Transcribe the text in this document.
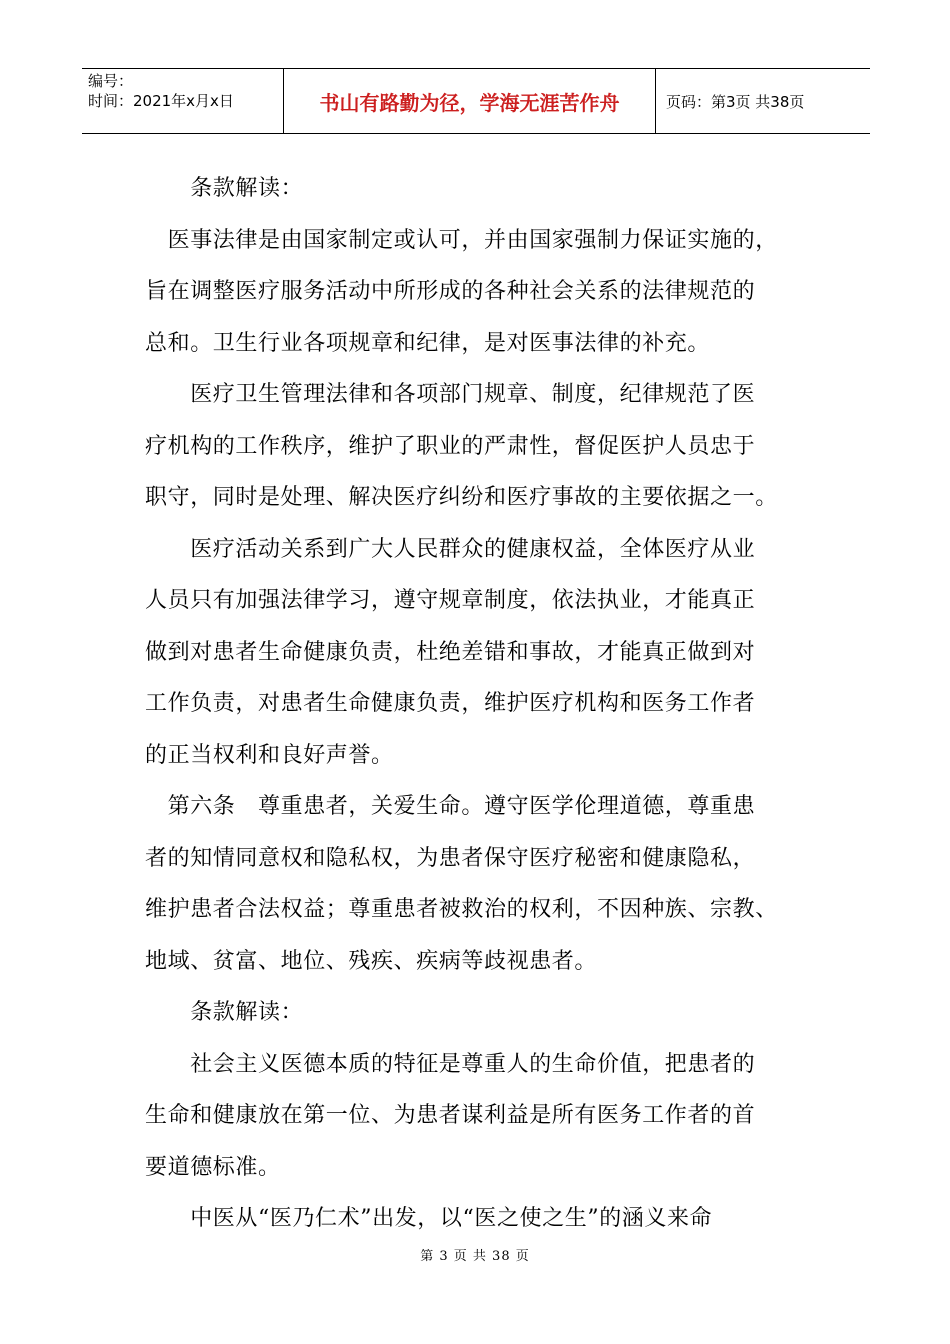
编号：
时间：2021年x月x日	书山有路勤为径，学海无涯苦作舟	页码：第3页 共38页

　　条款解读：

　医事法律是由国家制定或认可，并由国家强制力保证实施的，

旨在调整医疗服务活动中所形成的各种社会关系的法律规范的

总和。卫生行业各项规章和纪律，是对医事法律的补充。

　　医疗卫生管理法律和各项部门规章、制度，纪律规范了医

疗机构的工作秩序，维护了职业的严肃性，督促医护人员忠于

职守，同时是处理、解决医疗纠纷和医疗事故的主要依据之一。

　　医疗活动关系到广大人民群众的健康权益，全体医疗从业

人员只有加强法律学习，遵守规章制度，依法执业，才能真正

做到对患者生命健康负责，杜绝差错和事故，才能真正做到对

工作负责，对患者生命健康负责，维护医疗机构和医务工作者

的正当权利和良好声誉。

　第六条　尊重患者，关爱生命。遵守医学伦理道德，尊重患

者的知情同意权和隐私权，为患者保守医疗秘密和健康隐私，

维护患者合法权益；尊重患者被救治的权利，不因种族、宗教、

地域、贫富、地位、残疾、疾病等歧视患者。

　　条款解读：

　　社会主义医德本质的特征是尊重人的生命价值，把患者的

生命和健康放在第一位、为患者谋利益是所有医务工作者的首

要道德标准。

　　中医从“医乃仁术”出发，以“医之使之生”的涵义来命

第 3 页 共 38 页
